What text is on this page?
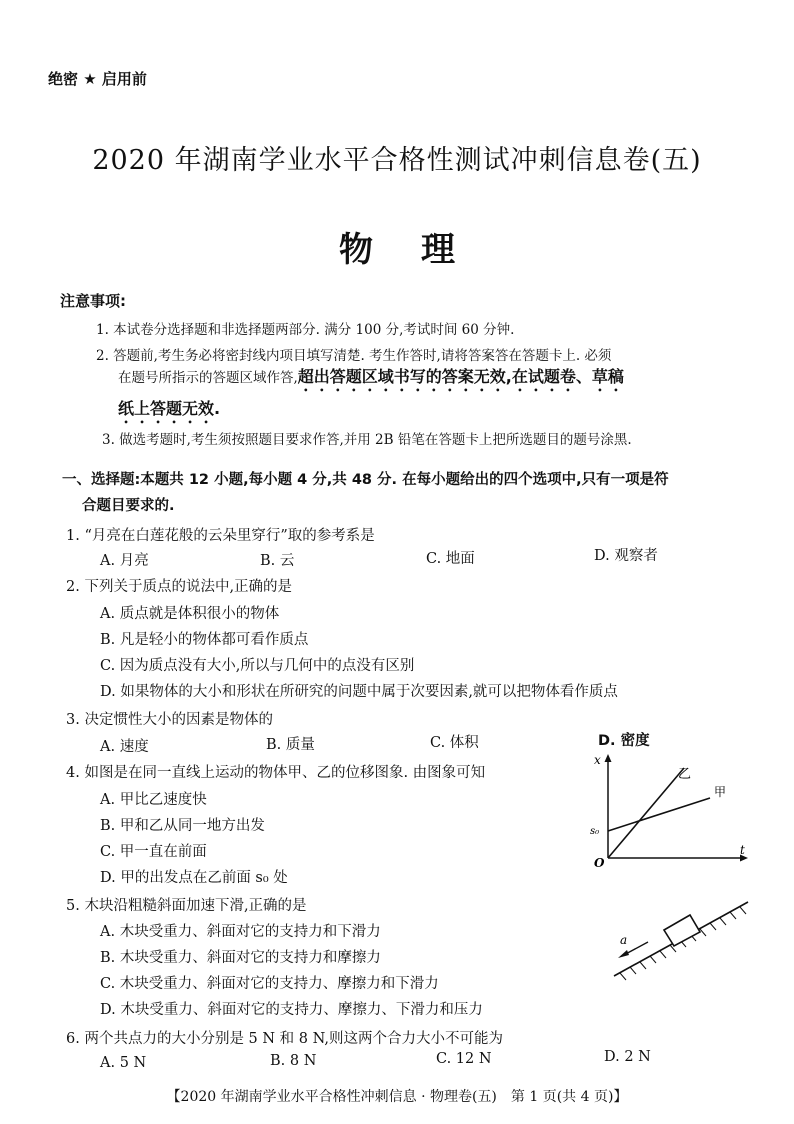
绝密 ★ 启用前
2020 年湖南学业水平合格性测试冲刺信息卷(五)
物理
注意事项:
1. 本试卷分选择题和非选择题两部分. 满分 100 分,考试时间 60 分钟.
2. 答题前,考生务必将密封线内项目填写清楚. 考生作答时,请将答案答在答题卡上. 必须
在题号所指示的答题区域作答,超出答题区域书写的答案无效,在试题卷、草稿
纸上答题无效.
3. 做选考题时,考生须按照题目要求作答,并用 2B 铅笔在答题卡上把所选题目的题号涂黑.
一、选择题:本题共 12 小题,每小题 4 分,共 48 分. 在每小题给出的四个选项中,只有一项是符
合题目要求的.
1. “月亮在白莲花般的云朵里穿行”取的参考系是
A. 月亮	B. 云	C. 地面	D. 观察者
2. 下列关于质点的说法中,正确的是
A. 质点就是体积很小的物体
B. 凡是轻小的物体都可看作质点
C. 因为质点没有大小,所以与几何中的点没有区别
D. 如果物体的大小和形状在所研究的问题中属于次要因素,就可以把物体看作质点
3. 决定惯性大小的因素是物体的
A. 速度	B. 质量	C. 体积	D. 密度
4. 如图是在同一直线上运动的物体甲、乙的位移图象. 由图象可知
A. 甲比乙速度快
B. 甲和乙从同一地方出发
C. 甲一直在前面
D. 甲的出发点在乙前面 s₀ 处
x
t
O
s₀
乙
甲
5. 木块沿粗糙斜面加速下滑,正确的是
A. 木块受重力、斜面对它的支持力和下滑力
B. 木块受重力、斜面对它的支持力和摩擦力
C. 木块受重力、斜面对它的支持力、摩擦力和下滑力
D. 木块受重力、斜面对它的支持力、摩擦力、下滑力和压力
a
6. 两个共点力的大小分别是 5 N 和 8 N,则这两个合力大小不可能为
A. 5 N	B. 8 N	C. 12 N	D. 2 N
【2020 年湖南学业水平合格性冲刺信息 · 物理卷(五)　第 1 页(共 4 页)】
